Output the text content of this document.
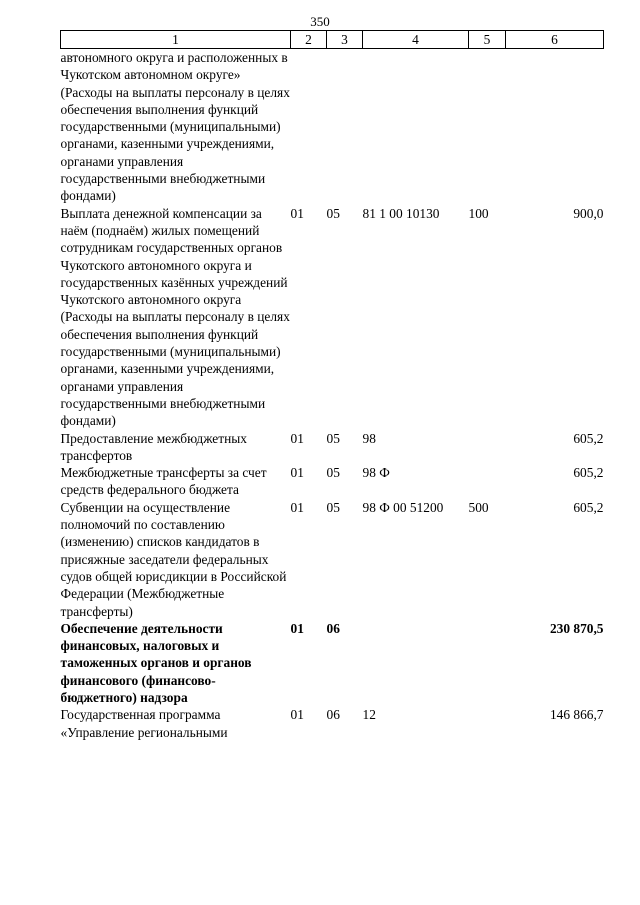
350
1	2	3	4	5	6
автономного округа и расположенных в Чукотском автономном округе» (Расходы на выплаты персоналу в целях обеспечения выполнения функций государственными (муниципальными) органами, казенными учреждениями, органами управления государственными внебюджетными фондами)					
Выплата денежной компенсации за наём (поднаём) жилых помещений сотрудникам государственных органов Чукотского автономного округа и государственных казённых учреждений Чукотского автономного округа (Расходы на выплаты персоналу в целях обеспечения выполнения функций государственными (муниципальными) органами, казенными учреждениями, органами управления государственными внебюджетными фондами)	01	05	81 1 00 10130	100	900,0
Предоставление межбюджетных трансфертов	01	05	98		605,2
Межбюджетные трансферты за счет средств федерального бюджета	01	05	98 Ф		605,2
Субвенции на осуществление полномочий по составлению (изменению) списков кандидатов в присяжные заседатели федеральных судов общей юрисдикции в Российской Федерации (Межбюджетные трансферты)	01	05	98 Ф 00 51200	500	605,2
Обеспечение деятельности финансовых, налоговых и таможенных органов и органов финансового (финансово-бюджетного) надзора	01	06			230 870,5
Государственная программа «Управление региональными	01	06	12		146 866,7
